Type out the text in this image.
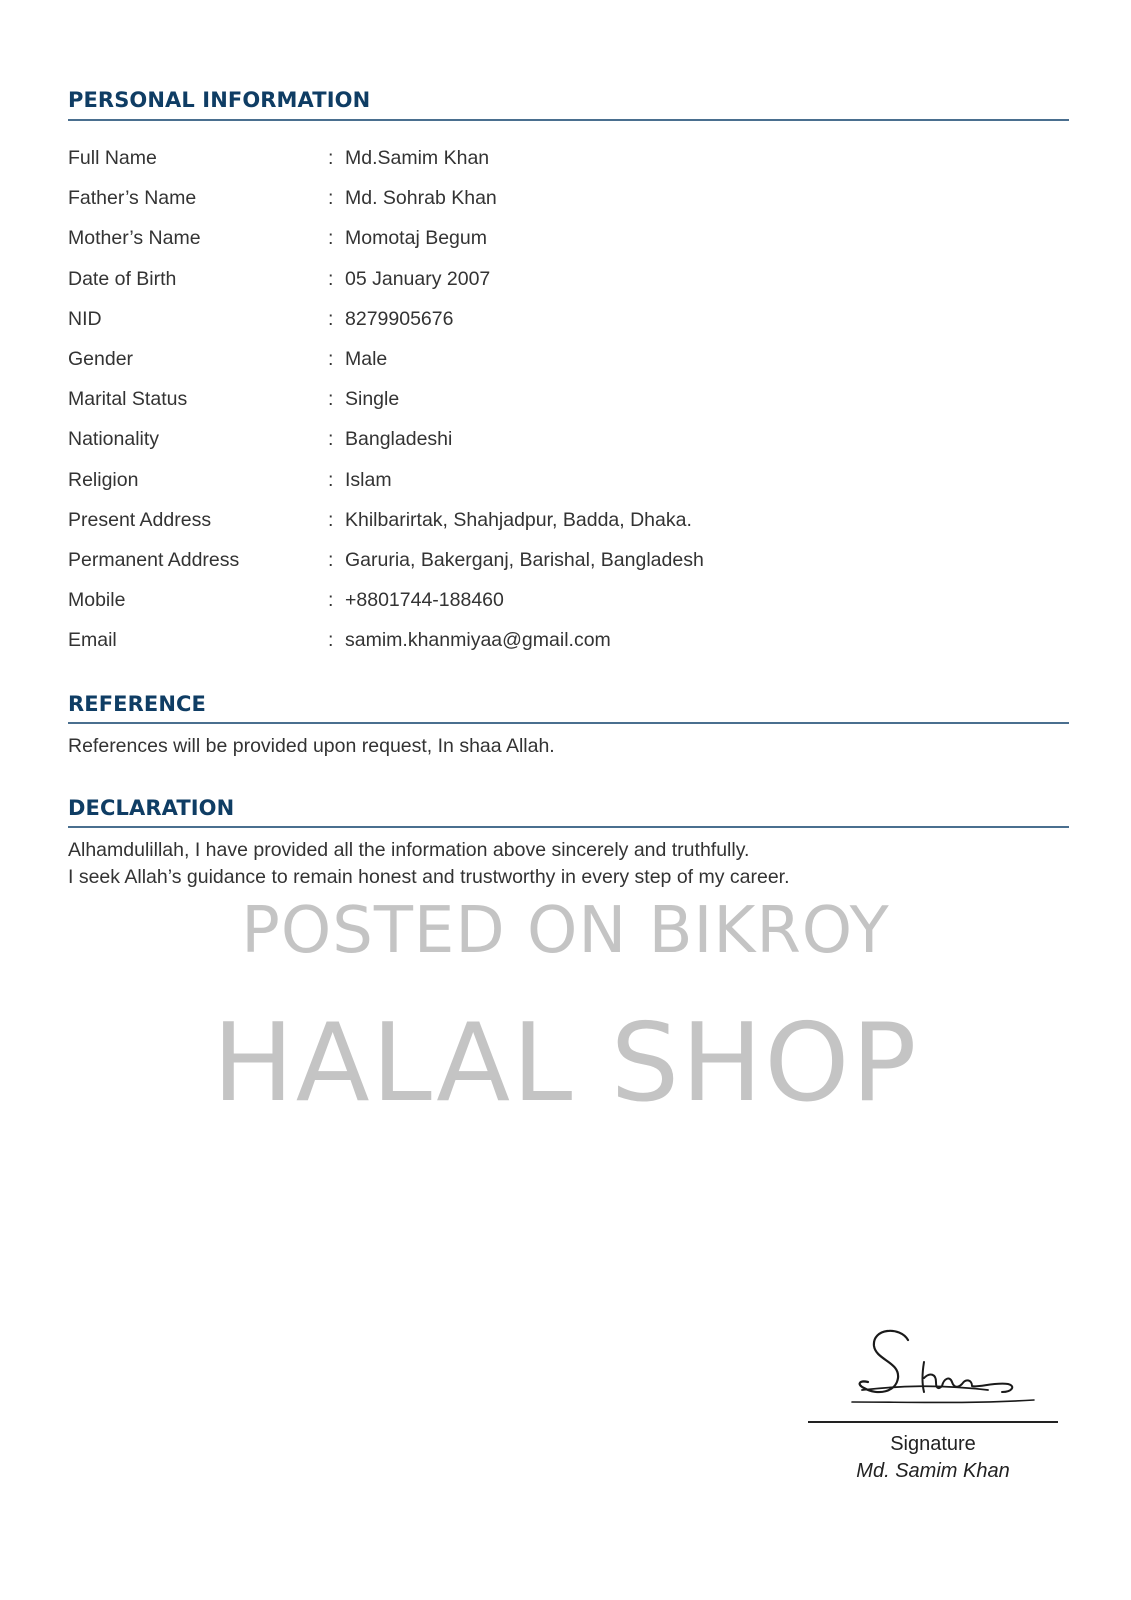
PERSONAL INFORMATION
Full Name	: Md.Samim Khan
Father’s Name	: Md. Sohrab Khan
Mother’s Name	: Momotaj Begum
Date of Birth	: 05 January 2007
NID	: 8279905676
Gender	: Male
Marital Status	: Single
Nationality	: Bangladeshi
Religion	: Islam
Present Address	: Khilbarirtak, Shahjadpur, Badda, Dhaka.
Permanent Address	: Garuria, Bakerganj, Barishal, Bangladesh
Mobile	: +8801744-188460
Email	: samim.khanmiyaa@gmail.com
REFERENCE

References will be provided upon request, In shaa Allah.

DECLARATION

Alhamdulillah, I have provided all the information above sincerely and truthfully.

I seek Allah’s guidance to remain honest and trustworthy in every step of my career.

POSTED ON BIKROY

HALAL SHOP

Signature
Md. Samim Khan
